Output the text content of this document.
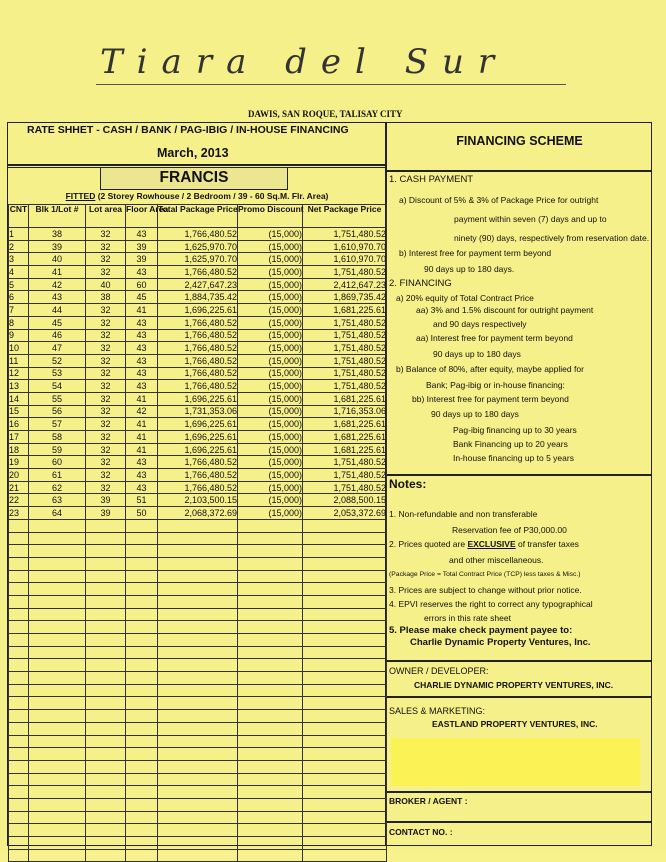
Tiara del Sur
DAWIS, SAN ROQUE, TALISAY CITY
RATE SHHET - CASH / BANK / PAG-IBIG / IN-HOUSE FINANCING
March, 2013
FINANCING SCHEME
FRANCIS
FITTED (2 Storey Rowhouse / 2 Bedroom / 39 - 60 Sq.M. Flr. Area)
CNT	Blk 1/Lot #	Lot area	Floor Area	Total Package Price	Promo Discount	Net Package Price
1	38	32	43	1,766,480.52	(15,000)	1,751,480.52
2	39	32	39	1,625,970.70	(15,000)	1,610,970.70
3	40	32	39	1,625,970.70	(15,000)	1,610,970.70
4	41	32	43	1,766,480.52	(15,000)	1,751,480.52
5	42	40	60	2,427,647.23	(15,000)	2,412,647.23
6	43	38	45	1,884,735.42	(15,000)	1,869,735.42
7	44	32	41	1,696,225.61	(15,000)	1,681,225.61
8	45	32	43	1,766,480.52	(15,000)	1,751,480.52
9	46	32	43	1,766,480.52	(15,000)	1,751,480.52
10	47	32	43	1,766,480.52	(15,000)	1,751,480.52
11	52	32	43	1,766,480.52	(15,000)	1,751,480.52
12	53	32	43	1,766,480.52	(15,000)	1,751,480.52
13	54	32	43	1,766,480.52	(15,000)	1,751,480.52
14	55	32	41	1,696,225.61	(15,000)	1,681,225.61
15	56	32	42	1,731,353.06	(15,000)	1,716,353.06
16	57	32	41	1,696,225.61	(15,000)	1,681,225.61
17	58	32	41	1,696,225.61	(15,000)	1,681,225.61
18	59	32	41	1,696,225.61	(15,000)	1,681,225.61
19	60	32	43	1,766,480.52	(15,000)	1,751,480.52
20	61	32	43	1,766,480.52	(15,000)	1,751,480.52
21	62	32	43	1,766,480.52	(15,000)	1,751,480.52
22	63	39	51	2,103,500.15	(15,000)	2,088,500.15
23	64	39	50	2,068,372.69	(15,000)	2,053,372.69

1. CASH PAYMENT
a) Discount of 5% & 3% of Package Price for outright
payment within seven (7) days and up to
ninety (90) days, respectively from reservation date.
b) Interest free for payment term beyond
90 days up to 180 days.
2. FINANCING
a) 20% equity of Total Contract Price
aa) 3% and 1.5% discount for outright payment
and 90 days respectively
aa) Interest free for payment term beyond
90 days up to 180 days
b) Balance of 80%, after equity, maybe applied for
Bank; Pag-ibig or in-house financing:
bb) Interest free for payment term beyond
90 days up to 180 days
Pag-ibig financing up to 30 years
Bank Financing up to 20 years
In-house financing up to 5 years
Notes:
1. Non-refundable and non transferable
Reservation fee of P30,000.00
2. Prices quoted are EXCLUSIVE of transfer taxes
and other miscellaneous.
(Package Price = Total Contract Price (TCP) less taxes & Misc.)
3. Prices are subject to change without prior notice.
4. EPVI reserves the right to correct any typographical
errors in this rate sheet
5. Please make check payment payee to:
Charlie Dynamic Property Ventures, Inc.
OWNER / DEVELOPER:
CHARLIE DYNAMIC PROPERTY VENTURES, INC.
SALES & MARKETING:
EASTLAND PROPERTY VENTURES, INC.
BROKER / AGENT :
CONTACT NO. :
